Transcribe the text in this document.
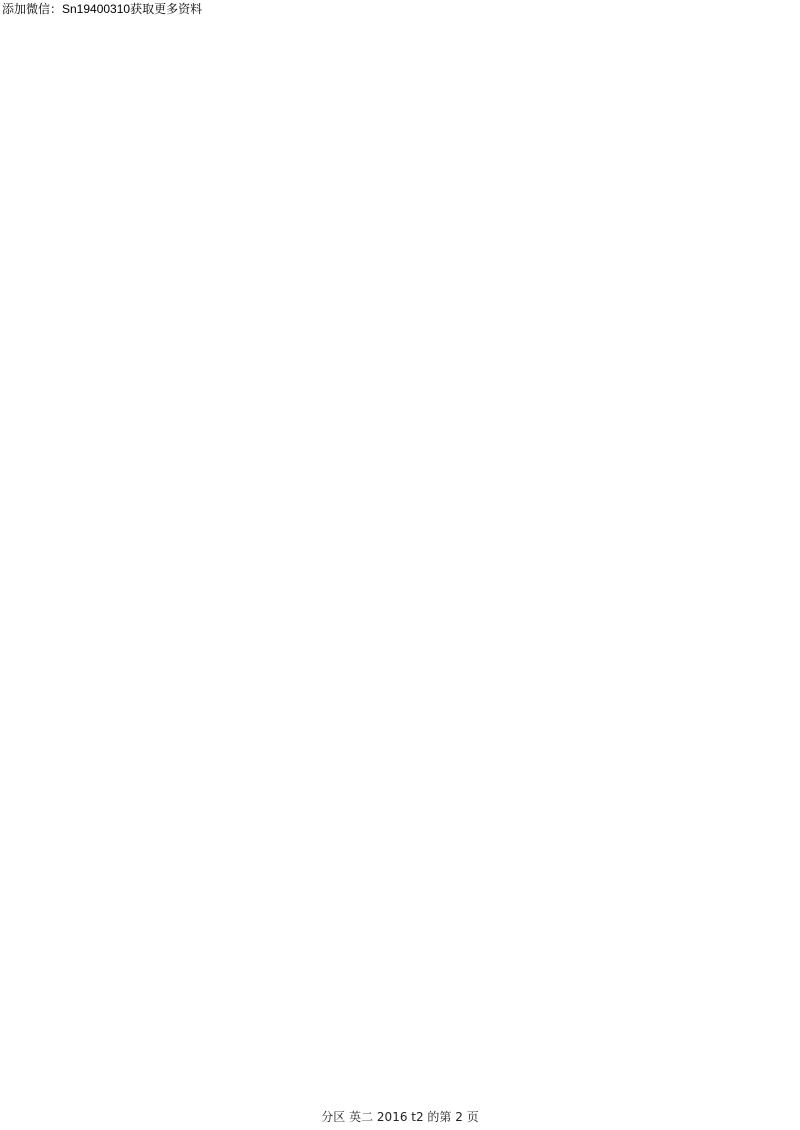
添加微信：Sn19400310获取更多资料
分区 英二 2016 t2 的第 2 页
